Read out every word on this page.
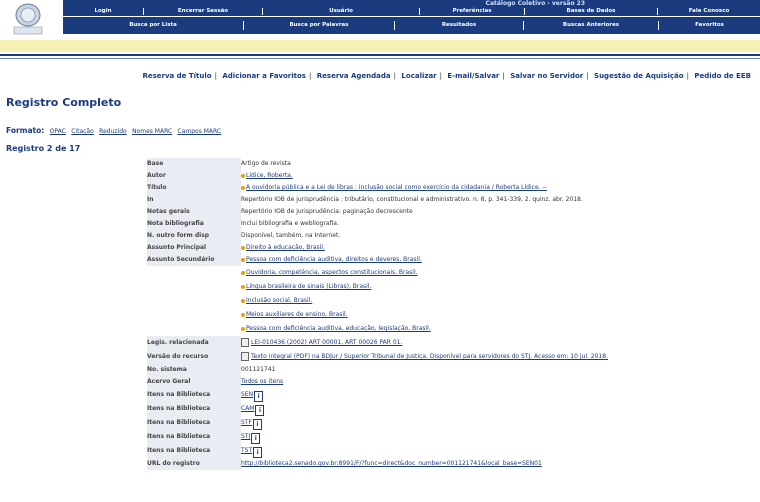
Catálogo Coletivo - versão 23
Login	Encerrar Sessão	Usuário	Preferências	Bases de Dados	Fale Conosco
Busca por Lista	Busca por Palavras	Resultados	Buscas Anteriores	Favoritos
Reserva de Título | Adicionar a Favoritos | Reserva Agendada | Localizar | E-mail/Salvar | Salvar no Servidor | Sugestão de Aquisição | Pedido de EEB
Registro Completo
Formato: OPAC Citação Reduzido Nomes MARC Campos MARC
Registro 2 de 17
Base	Artigo de revista
Autor	Lídice, Roberta.
Título	A ouvidoria pública e a Lei de libras : inclusão social como exercício da cidadania / Roberta Lídice. --
In	Repertório IOB de jurisprudência : tributário, constitucional e administrativo. n. 8, p. 341-339, 2. quinz. abr. 2018.
Notas gerais	Repertório IOB de jurisprudência: paginação decrescente
Nota bibliografia	Inclui bibliografia e webliografia.
N. outro form disp	Disponível, também, na Internet.
Assunto Principal	Direito à educação, Brasil.
Assunto Secundário	Pessoa com deficiência auditiva, direitos e deveres, Brasil.
Ouvidoria, competência, aspectos constitucionais, Brasil.
Língua brasileira de sinais (Libras), Brasil.
Inclusão social, Brasil.
Meios auxiliares de ensino, Brasil.
Pessoa com deficiência auditiva, educação, legislação, Brasil.
Legis. relacionada	LEI-010436 (2002) ART 00001, ART 00026 PAR 01.
Versão do recurso	Texto integral (PDF) na BDJur / Superior Tribunal de Justiça. Disponível para servidores do STJ. Acesso em: 10 jul. 2018.
No. sistema	001121741
Acervo Geral	Todos os itens
Itens na Biblioteca	SEN i
Itens na Biblioteca	CAM i
Itens na Biblioteca	STF i
Itens na Biblioteca	STJ i
Itens na Biblioteca	TST i
URL do registro	http://biblioteca2.senado.gov.br:8991/F/?func=direct&doc_number=001121741&local_base=SEN01
